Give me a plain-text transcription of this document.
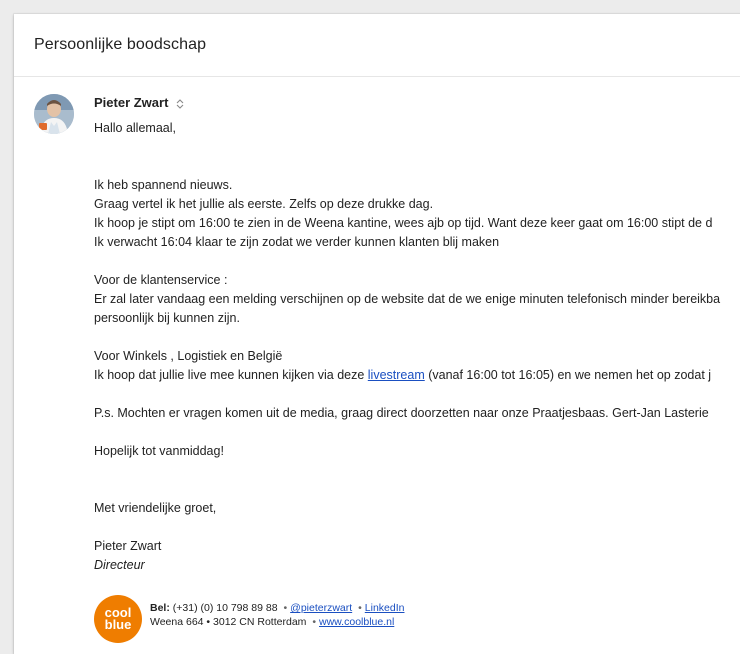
Persoonlijke boodschap
Pieter Zwart

Hallo allemaal,

Ik heb spannend nieuws.

Graag vertel ik het jullie als eerste. Zelfs op deze drukke dag.

Ik hoop je stipt om 16:00 te zien in de Weena kantine, wees ajb op tijd. Want deze keer gaat om 16:00 stipt de d

Ik verwacht 16:04 klaar te zijn zodat we verder kunnen klanten blij maken

Voor de klantenservice :

Er zal later vandaag een melding verschijnen op de website dat de we enige minuten telefonisch minder bereikba

persoonlijk bij kunnen zijn.

Voor Winkels , Logistiek en België

Ik hoop dat jullie live mee kunnen kijken via deze livestream (vanaf 16:00 tot 16:05) en we nemen het op zodat j

P.s. Mochten er vragen komen uit de media, graag direct doorzetten naar onze Praatjesbaas. Gert-Jan Lasterie

Hopelijk tot vanmiddag!

Met vriendelijke groet,

Pieter Zwart

Directeur

cool
blue
Bel: (+31) (0) 10 798 89 88 • @pieterzwart • LinkedIn
Weena 664 • 3012 CN Rotterdam • www.coolblue.nl
